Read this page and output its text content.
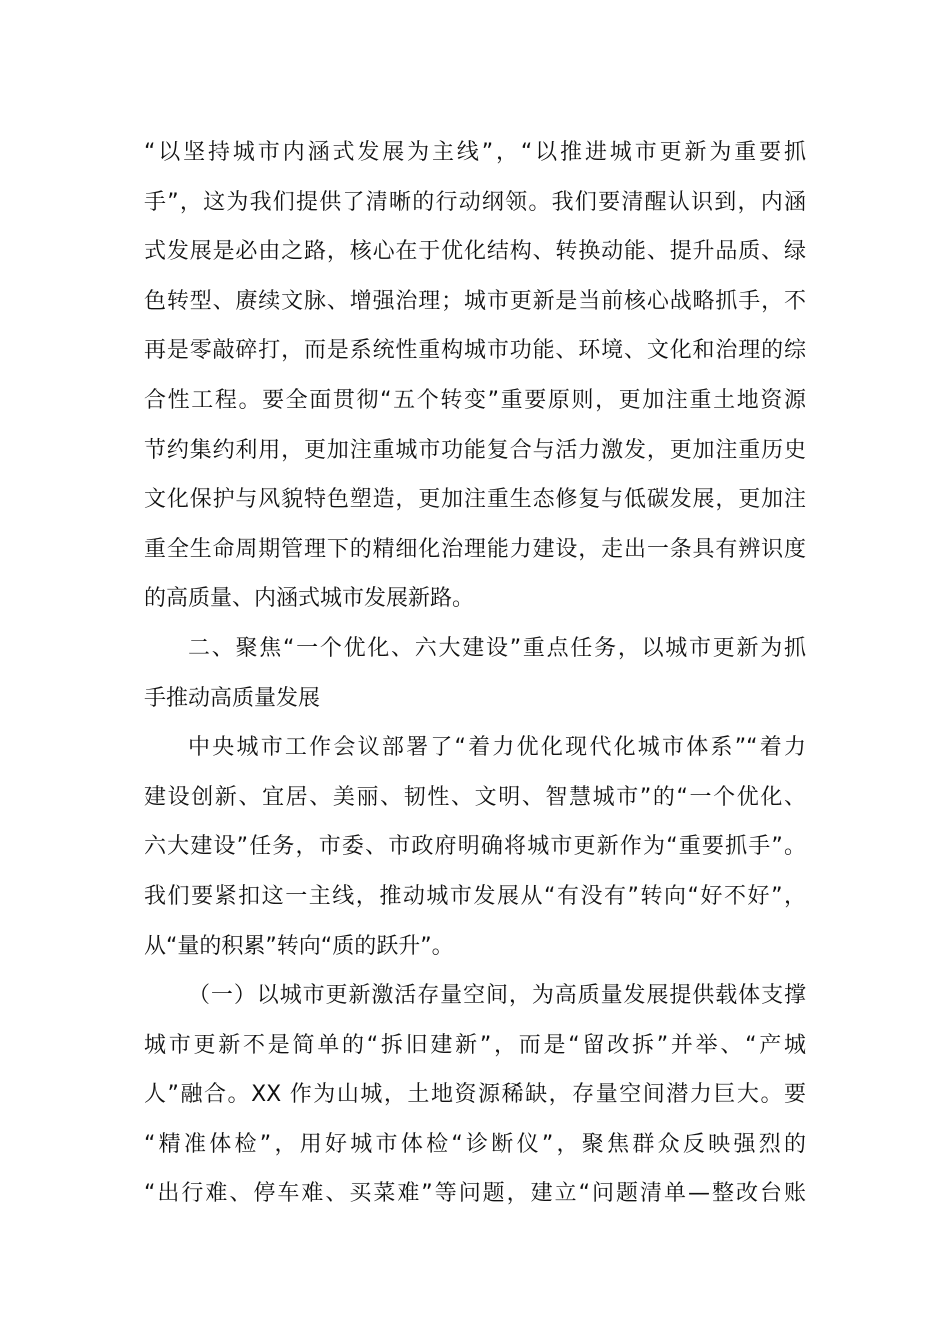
“以坚持城市内涵式发展为主线”，“以推进城市更新为重要抓
手”，这为我们提供了清晰的行动纲领。我们要清醒认识到，内涵
式发展是必由之路，核心在于优化结构、转换动能、提升品质、绿
色转型、赓续文脉、增强治理；城市更新是当前核心战略抓手，不
再是零敲碎打，而是系统性重构城市功能、环境、文化和治理的综
合性工程。要全面贯彻“五个转变”重要原则，更加注重土地资源
节约集约利用，更加注重城市功能复合与活力激发，更加注重历史
文化保护与风貌特色塑造，更加注重生态修复与低碳发展，更加注
重全生命周期管理下的精细化治理能力建设，走出一条具有辨识度
的高质量、内涵式城市发展新路。
二、聚焦“一个优化、六大建设”重点任务，以城市更新为抓
手推动高质量发展
中央城市工作会议部署了“着力优化现代化城市体系”“着力
建设创新、宜居、美丽、韧性、文明、智慧城市”的“一个优化、
六大建设”任务，市委、市政府明确将城市更新作为“重要抓手”。
我们要紧扣这一主线，推动城市发展从“有没有”转向“好不好”，
从“量的积累”转向“质的跃升”。
（一）以城市更新激活存量空间，为高质量发展提供载体支撑
城市更新不是简单的“拆旧建新”，而是“留改拆”并举、“产城
人”融合。XX 作为山城，土地资源稀缺，存量空间潜力巨大。要
“精准体检”，用好城市体检“诊断仪”，聚焦群众反映强烈的
“出行难、停车难、买菜难”等问题，建立“问题清单—整改台账
